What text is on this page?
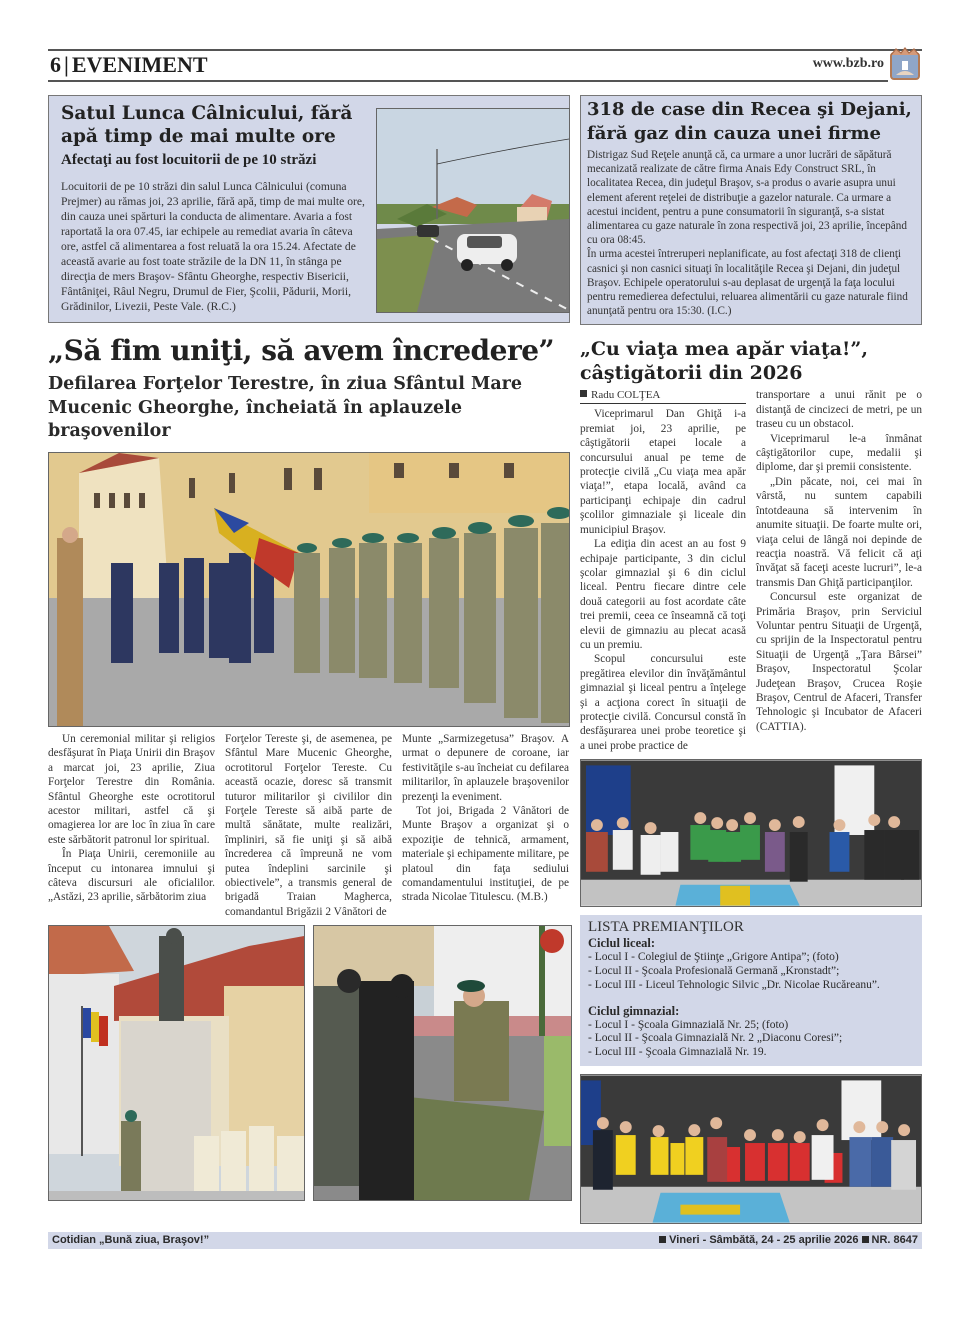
6 | EVENIMENT	www.bzb.ro
Satul Lunca Câlnicului, fără apă timp de mai multe ore
Afectaţi au fost locuitorii de pe 10 străzi
Locuitorii de pe 10 străzi din salul Lunca Câlnicului (comuna Prejmer) au rămas joi, 23 aprilie, fără apă, timp de mai multe ore, din cauza unei spărturi la conducta de alimentare. Avaria a fost raportată la ora 07.45, iar echipele au remediat avaria în câteva ore, astfel că alimentarea a fost reluată la ora 15.24. Afectate de această avarie au fost toate străzile de la DN 11, în stânga pe direcţia de mers Braşov- Sfântu Gheorghe, respectiv Bisericii, Fântâniţei, Râul Negru, Drumul de Fier, Şcolii, Pădurii, Morii, Grădinilor, Livezii, Peste Vale. (R.C.)
318 de case din Recea şi Dejani, fără gaz din cauza unei firme
Distrigaz Sud Reţele anunţă că, ca urmare a unor lucrări de săpătură mecanizată realizate de către firma Anais Edy Construct SRL, în localitatea Recea, din judeţul Braşov, s-a produs o avarie asupra unui element aferent reţelei de distribuţie a gazelor naturale. Ca urmare a acestui incident, pentru a pune consumatorii în siguranţă, s-a sistat alimentarea cu gaze naturale în zona respectivă joi, 23 aprilie, începând cu ora 08:45.
În urma acestei întreruperi neplanificate, au fost afectaţi 318 de clienţi casnici şi non casnici situaţi în localităţile Recea şi Dejani, din judeţul Braşov. Echipele operatorului s-au deplasat de urgenţă la faţa locului pentru remedierea defectului, reluarea alimentării cu gaze naturale fiind anunţată pentru ora 15:30. (I.C.)
„Să fim uniţi, să avem încredere”
Defilarea Forţelor Terestre, în ziua Sfântul Mare Mucenic Gheorghe, încheiată în aplauzele braşovenilor

Un ceremonial militar şi religios desfăşurat în Piaţa Unirii din Braşov a marcat joi, 23 aprilie, Ziua Forţelor Terestre din România. Sfântul Gheorghe este ocrotitorul acestor militari, astfel că şi omagierea lor are loc în ziua în care este sărbătorit patronul lor spiritual.

În Piaţa Unirii, ceremoniile au început cu intonarea imnului şi câteva discursuri ale oficialilor. „Astăzi, 23 aprilie, sărbătorim ziua

Forţelor Tereste şi, de asemenea, pe Sfântul Mare Mucenic Gheorghe, ocrotitorul Forţelor Tereste. Cu această ocazie, doresc să transmit tuturor militarilor şi civililor din Forţele Tereste să aibă parte de multă sănătate, multe realizări, împliniri, să fie uniţi şi să aibă încrederea că împreună ne vom putea îndeplini sarcinile şi obiectivele”, a transmis general de brigadă Traian Magherca, comandantul Brigăzii 2 Vânători de

Munte „Sarmizegetusa” Braşov. A urmat o depunere de coroane, iar festivităţile s-au încheiat cu defilarea militarilor, în aplauzele braşovenilor prezenţi la eveniment.

Tot joi, Brigada 2 Vânători de Munte Braşov a organizat şi o expoziţie de tehnică, armament, materiale şi echipamente militare, pe platoul din faţa sediului comandamentului instituţiei, de pe strada Nicolae Titulescu. (M.B.)

„Cu viaţa mea apăr viaţa!”, câştigătorii din 2026
Radu COLŢEA

Viceprimarul Dan Ghiţă i-a premiat joi, 23 aprilie, pe câştigătorii etapei locale a concursului anual pe teme de protecţie civilă „Cu viaţa mea apăr viaţa!”, etapa locală, având ca participanţi echipaje din cadrul şcolilor gimnaziale şi liceale din municipiul Braşov.

La ediţia din acest an au fost 9 echipaje participante, 3 din ciclul şcolar gimnazial şi 6 din ciclul liceal. Pentru fiecare dintre cele două categorii au fost acordate câte trei premii, ceea ce înseamnă că toţi elevii de gimnaziu au plecat acasă cu un premiu.

Scopul concursului este pregătirea elevilor din învăţământul gimnazial şi liceal pentru a înţelege şi a acţiona corect în situaţii de protecţie civilă. Concursul constă în desfăşurarea unei probe teoretice şi a unei probe practice de

transportare a unui rănit pe o distanţă de cincizeci de metri, pe un traseu cu un obstacol.

Viceprimarul le-a înmânat câştigătorilor cupe, medalii şi diplome, dar şi premii consistente.

„Din păcate, noi, cei mai în vârstă, nu suntem capabili întotdeauna să intervenim în anumite situaţii. De foarte multe ori, viaţa celui de lângă noi depinde de reacţia noastră. Vă felicit că aţi învăţat să faceţi aceste lucruri”, le-a transmis Dan Ghiţă participanţilor.

Concursul este organizat de Primăria Braşov, prin Serviciul Voluntar pentru Situaţii de Urgenţă, cu sprijin de la Inspectoratul pentru Situaţii de Urgenţă „Ţara Bârsei” Braşov, Inspectoratul Şcolar Judeţean Braşov, Crucea Roşie Braşov, Centrul de Afaceri, Transfer Tehnologic şi Incubator de Afaceri (CATTIA).

LISTA PREMIANŢILOR
Ciclul liceal:
- Locul I - Colegiul de Ştiinţe „Grigore Antipa”; (foto)
- Locul II - Şcoala Profesională Germană „Kronstadt”;
- Locul III - Liceul Tehnologic Silvic „Dr. Nicolae Rucăreanu”.
Ciclul gimnazial:
- Locul I - Şcoala Gimnazială Nr. 25; (foto)
- Locul II - Şcoala Gimnazială Nr. 2 „Diaconu Coresi”;
- Locul III - Şcoala Gimnazială Nr. 19.
Cotidian „Bună ziua, Braşov!”	Vineri - Sâmbătă, 24 - 25 aprilie 2026 NR. 8647
